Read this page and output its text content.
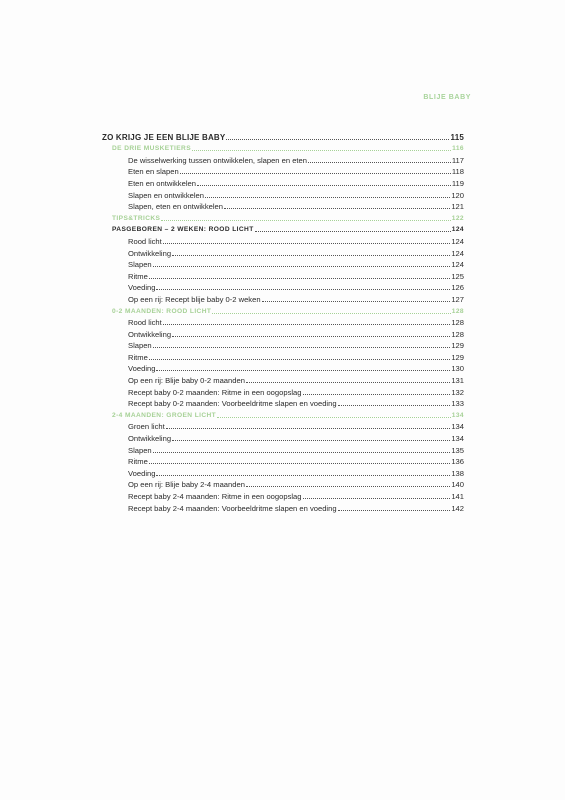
BLIJE BABY
ZO KRIJG JE EEN BLIJE BABY	115
DE DRIE MUSKETIERS	116
De wisselwerking tussen ontwikkelen, slapen en eten	117
Eten en slapen	118
Eten en ontwikkelen	119
Slapen en ontwikkelen	120
Slapen, eten en ontwikkelen	121
TIPS&TRICKS	122
PASGEBOREN – 2 WEKEN: ROOD LICHT	124
Rood licht	124
Ontwikkeling	124
Slapen	124
Ritme	125
Voeding	126
Op een rij: Recept blije baby 0-2 weken	127
0-2 MAANDEN: ROOD LICHT	128
Rood licht	128
Ontwikkeling	128
Slapen	129
Ritme	129
Voeding	130
Op een rij: Blije baby 0-2 maanden	131
Recept baby 0-2 maanden: Ritme in een oogopslag	132
Recept baby 0-2 maanden: Voorbeeldritme slapen en voeding	133
2-4 MAANDEN: GROEN LICHT	134
Groen licht	134
Ontwikkeling	134
Slapen	135
Ritme	136
Voeding	138
Op een rij: Blije baby 2-4 maanden	140
Recept baby 2-4 maanden: Ritme in een oogopslag	141
Recept baby 2-4 maanden: Voorbeeldritme slapen en voeding	142
